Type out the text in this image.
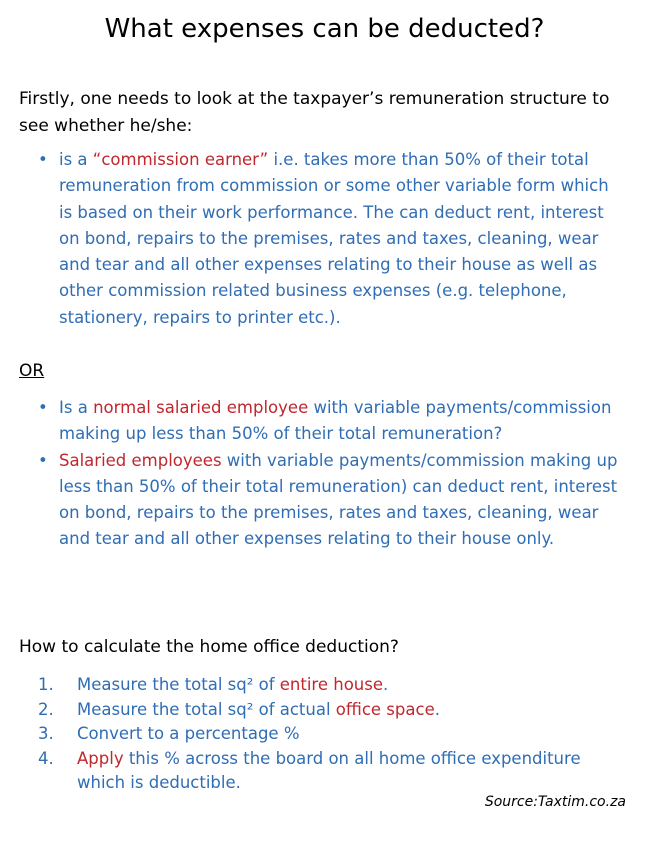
What expenses can be deducted?
Firstly, one needs to look at the taxpayer’s remuneration structure to see whether he/she:
• is a “commission earner” i.e. takes more than 50% of their total remuneration from commission or some other variable form which is based on their work performance. The can deduct rent, interest on bond, repairs to the premises, rates and taxes, cleaning, wear and tear and all other expenses relating to their house as well as other commission related business expenses (e.g. telephone, stationery, repairs to printer etc.).
OR
• Is a normal salaried employee with variable payments/commission making up less than 50% of their total remuneration?
• Salaried employees with variable payments/commission making up less than 50% of their total remuneration) can deduct rent, interest on bond, repairs to the premises, rates and taxes, cleaning, wear and tear and all other expenses relating to their house only.
How to calculate the home office deduction?
1. Measure the total sq² of entire house.
2. Measure the total sq² of actual office space.
3. Convert to a percentage %
4. Apply this % across the board on all home office expenditure which is deductible.
Source:Taxtim.co.za
